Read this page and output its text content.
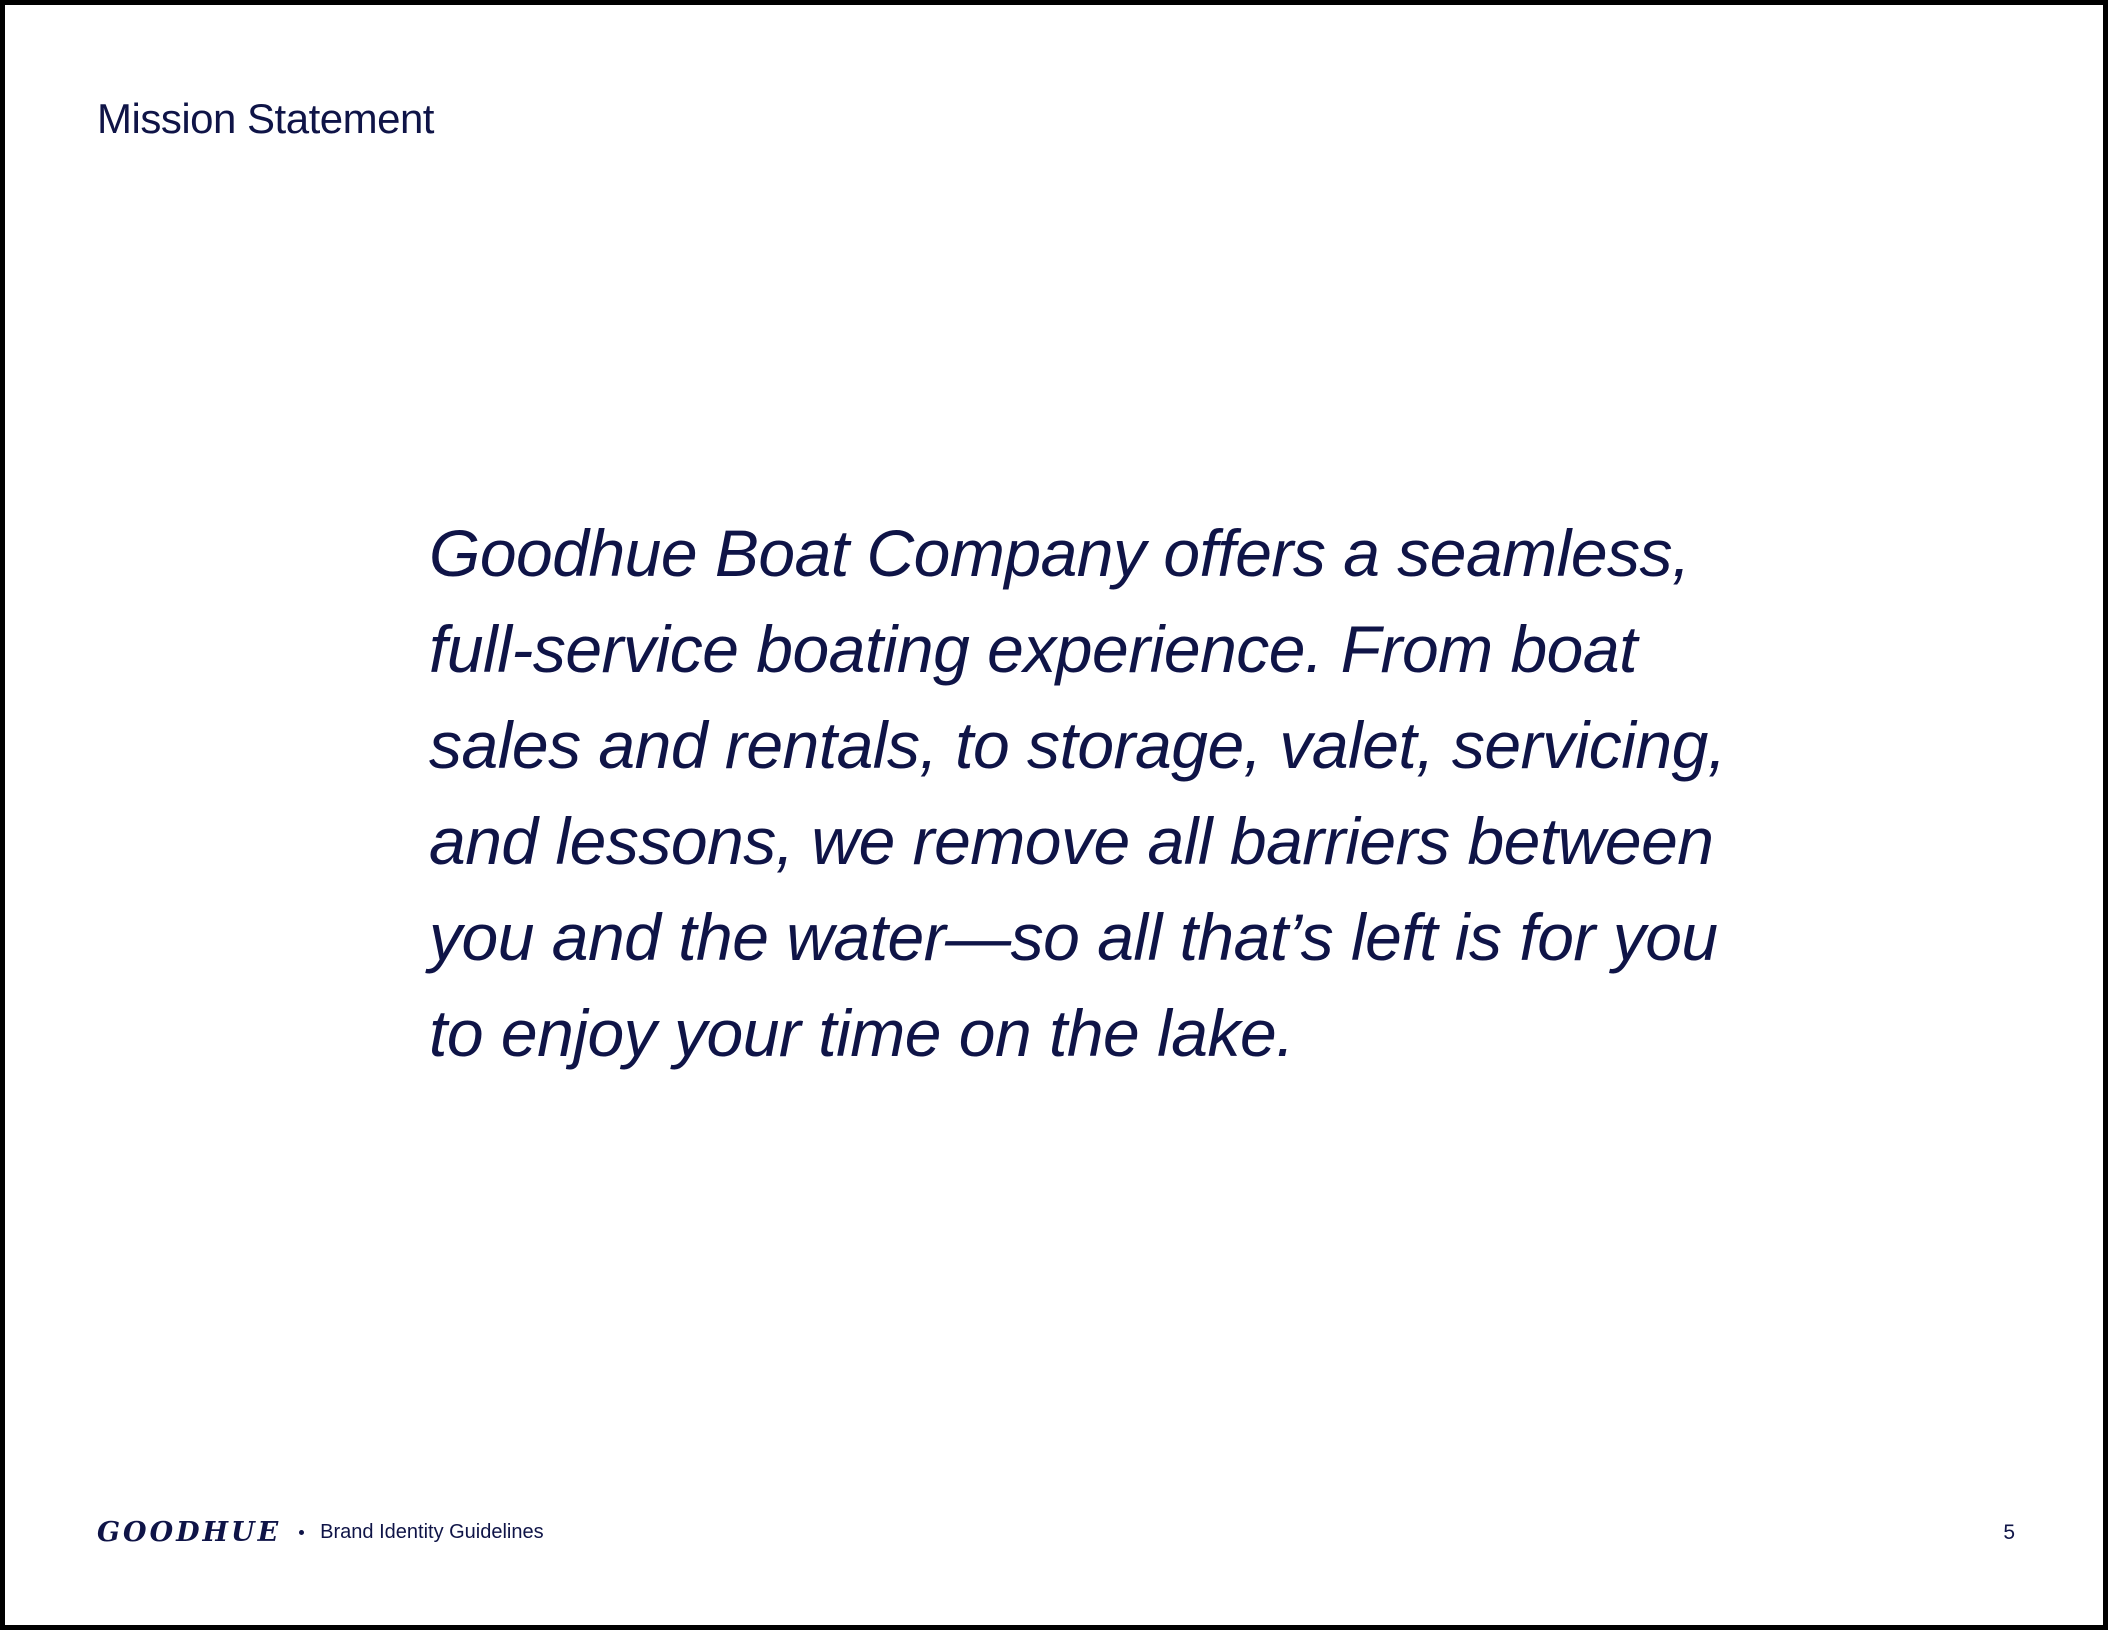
Mission Statement

Goodhue Boat Company offers a seamless,
full-service boating experience. From boat
sales and rentals, to storage, valet, servicing,
and lessons, we remove all barriers between
you and the water—so all that’s left is for you
to enjoy your time on the lake.

GOODHUE Brand Identity Guidelines	5
